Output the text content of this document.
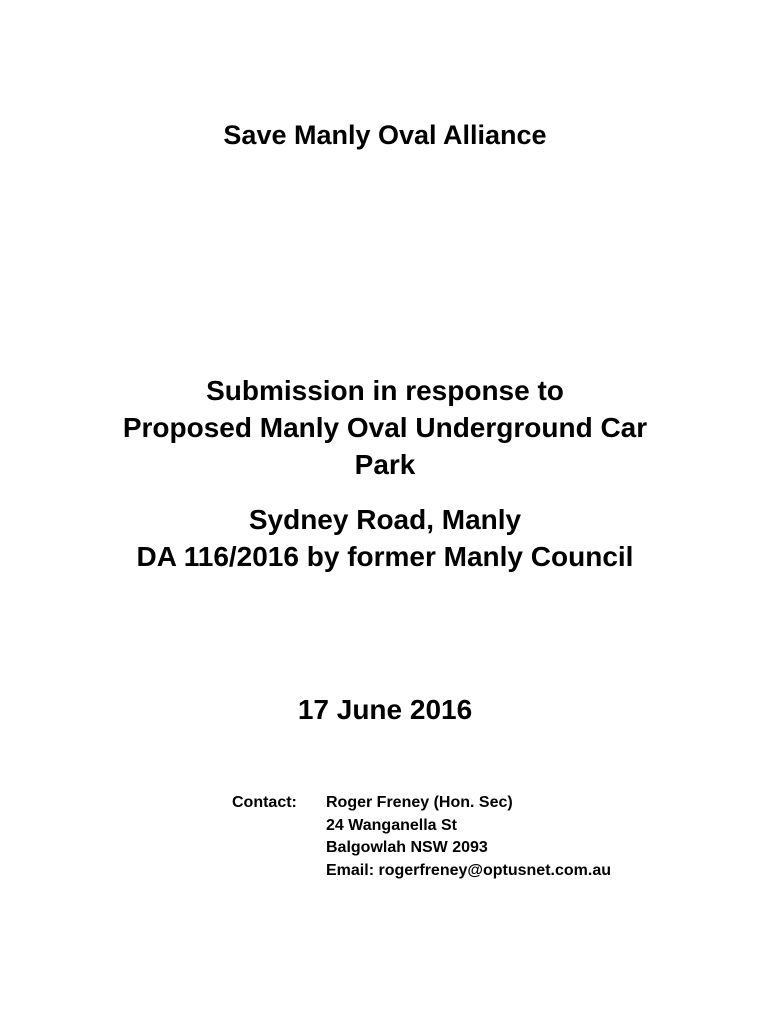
Save Manly Oval Alliance

Submission in response to
Proposed Manly Oval Underground Car
Park
Sydney Road, Manly
DA 116/2016 by former Manly Council

17 June 2016

Contact: Roger Freney (Hon. Sec)
24 Wanganella St
Balgowlah NSW 2093
Email: rogerfreney@optusnet.com.au
